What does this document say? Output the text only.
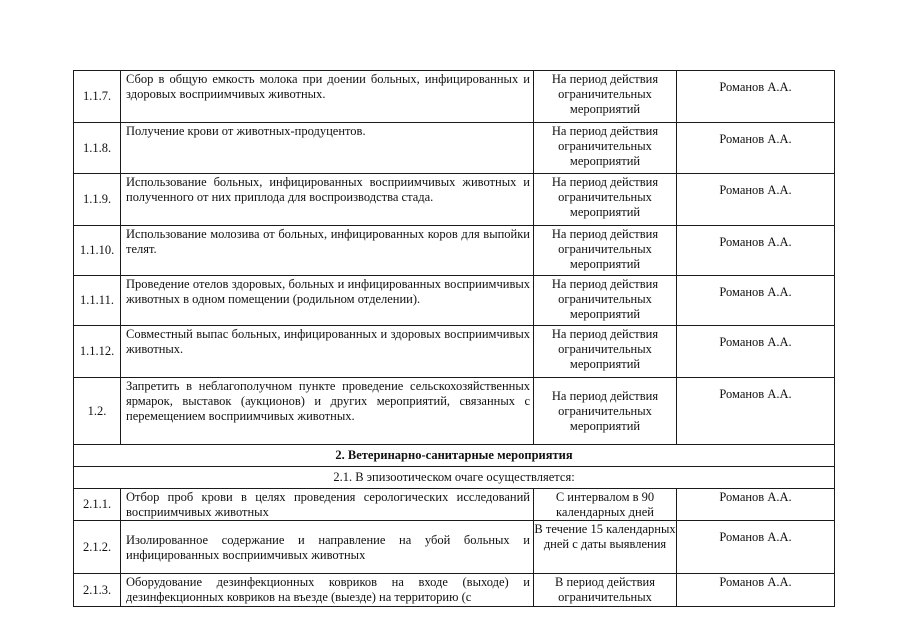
1.1.7.	Сбор в общую емкость молока при доении больных, инфицированных и здоровых восприимчивых животных.	На период действия ограничительных мероприятий	Романов А.А.

1.1.8.	Получение крови от животных-продуцентов.	На период действия ограничительных мероприятий	Романов А.А.

1.1.9.	Использование больных, инфицированных восприимчивых животных и полученного от них приплода для воспроизводства стада.	На период действия ограничительных мероприятий	Романов А.А.

1.1.10.	Использование молозива от больных, инфицированных коров для выпойки телят.	На период действия ограничительных мероприятий	Романов А.А.

1.1.11.	Проведение отелов здоровых, больных и инфицированных восприимчивых животных в одном помещении (родильном отделении).	На период действия ограничительных мероприятий	Романов А.А.

1.1.12.	Совместный выпас больных, инфицированных и здоровых восприимчивых животных.	На период действия ограничительных мероприятий	Романов А.А.

1.2.	Запретить в неблагополучном пункте проведение сельскохозяйственных ярмарок, выставок (аукционов) и других мероприятий, связанных с перемещением восприимчивых животных.	На период действия ограничительных мероприятий	Романов А.А.
2. Ветеринарно-санитарные мероприятия			
2.1. В эпизоотическом очаге осуществляется:			

2.1.1.	Отбор проб крови в целях проведения серологических исследований восприимчивых животных	С интервалом в 90 календарных дней	Романов А.А.

2.1.2.	Изолированное содержание и направление на убой больных и инфицированных восприимчивых животных	В течение 15 календарных дней с даты выявления	Романов А.А.

2.1.3.	Оборудование дезинфекционных ковриков на входе (выходе) и дезинфекционных ковриков на въезде (выезде) на территорию (с	В период действия ограничительных	Романов А.А.
